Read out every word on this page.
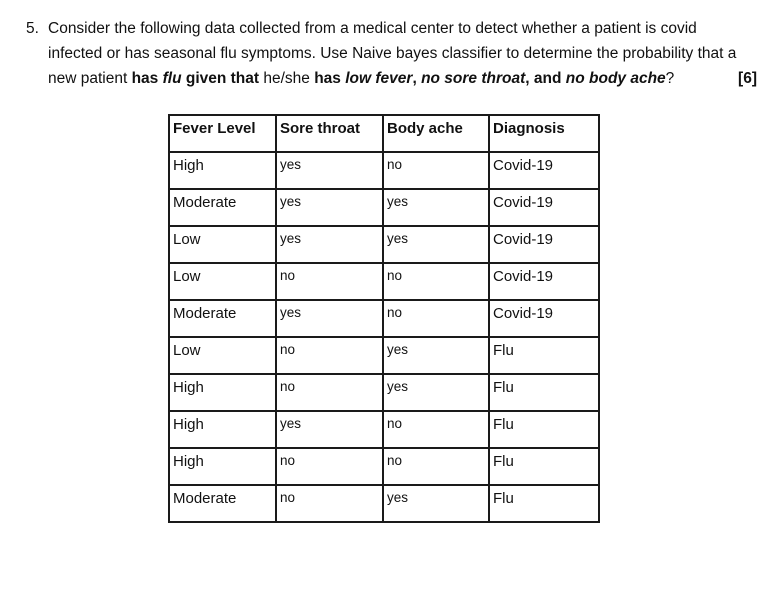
5. Consider the following data collected from a medical center to detect whether a patient is covid
infected or has seasonal flu symptoms. Use Naive bayes classifier to determine the probability that a
new patient has flu given that he/she has low fever, no sore throat, and no body ache?	[6]
Fever Level	Sore throat	Body ache	Diagnosis
High	yes	no	Covid-19
Moderate	yes	yes	Covid-19
Low	yes	yes	Covid-19
Low	no	no	Covid-19
Moderate	yes	no	Covid-19
Low	no	yes	Flu
High	no	yes	Flu
High	yes	no	Flu
High	no	no	Flu
Moderate	no	yes	Flu
